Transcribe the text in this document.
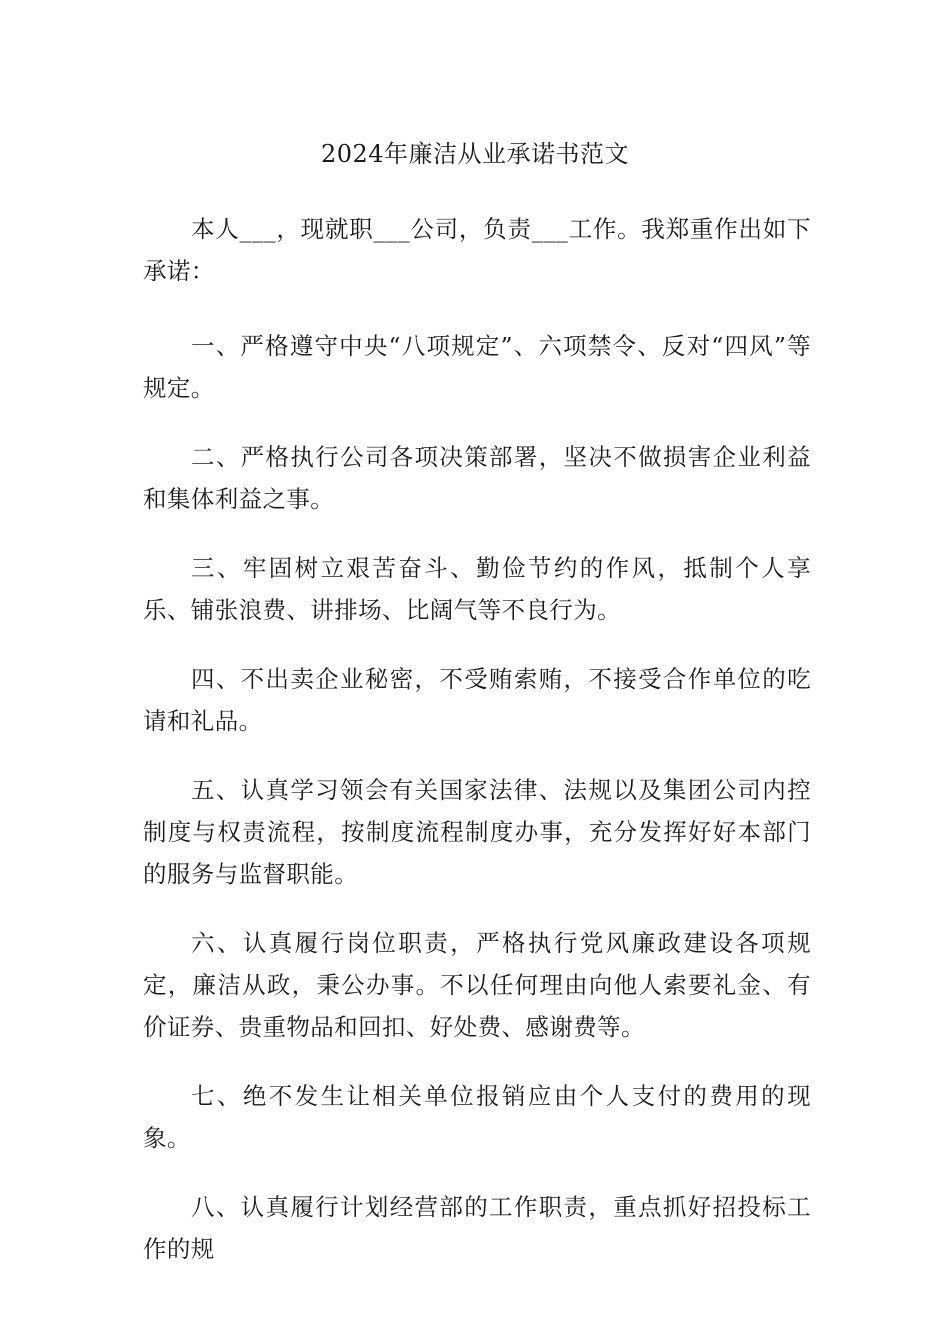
2024年廉洁从业承诺书范文

本人___，现就职___公司，负责___工作。我郑重作出如下承诺：

一、严格遵守中央“八项规定”、六项禁令、反对“四风”等规定。

二、严格执行公司各项决策部署，坚决不做损害企业利益和集体利益之事。

三、牢固树立艰苦奋斗、勤俭节约的作风，抵制个人享乐、铺张浪费、讲排场、比阔气等不良行为。

四、不出卖企业秘密，不受贿索贿，不接受合作单位的吃请和礼品。

五、认真学习领会有关国家法律、法规以及集团公司内控制度与权责流程，按制度流程制度办事，充分发挥好好本部门的服务与监督职能。

六、认真履行岗位职责，严格执行党风廉政建设各项规定，廉洁从政，秉公办事。不以任何理由向他人索要礼金、有价证券、贵重物品和回扣、好处费、感谢费等。

七、绝不发生让相关单位报销应由个人支付的费用的现象。

八、认真履行计划经营部的工作职责，重点抓好招投标工作的规
